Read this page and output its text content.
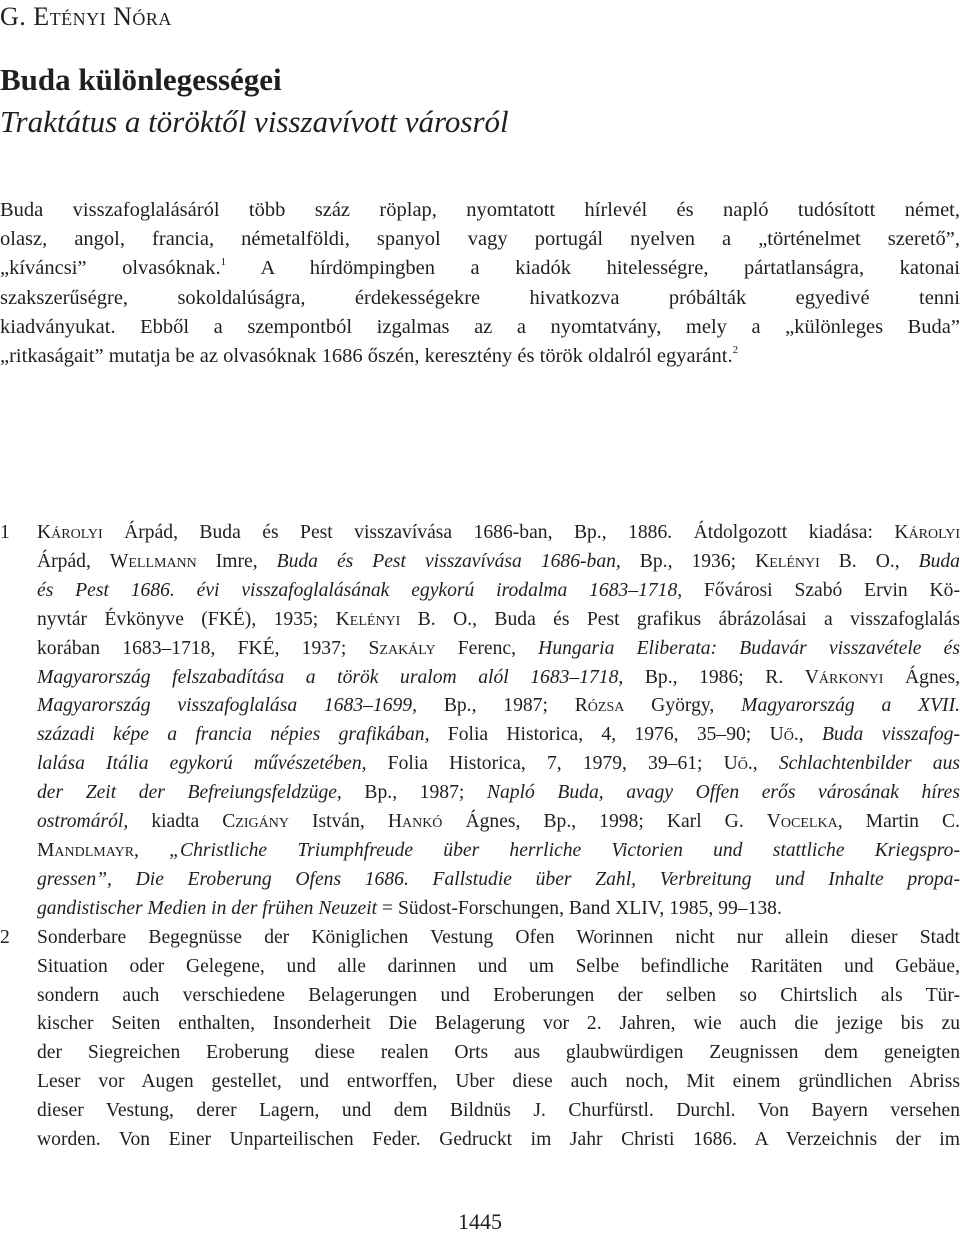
G. Etényi Nóra
Buda különlegességei
Traktátus a töröktől visszavívott városról
Buda visszafoglalásáról több száz röplap, nyomtatott hírlevél és napló tudósított német,
olasz, angol, francia, németalföldi, spanyol vagy portugál nyelven a „történelmet szerető”,
„kíváncsi” olvasóknak.$^1$ A hírdömpingben a kiadók hitelességre, pártatlanságra, katonai
szakszerűségre, sokoldalúságra, érdekességekre hivatkozva próbálták egyedivé tenni
kiadványukat. Ebből a szempontból izgalmas az a nyomtatvány, mely a „különleges Buda”
„ritkaságait” mutatja be az olvasóknak 1686 őszén, keresztény és török oldalról egyaránt.$^2$
1	Károlyi Árpád, Buda és Pest visszavívása 1686-ban, Bp., 1886. Átdolgozott kiadása: Károlyi
Árpád, Wellmann Imre, Buda és Pest visszavívása 1686-ban, Bp., 1936; Kelényi B. O., Buda
és Pest 1686. évi visszafoglalásának egykorú irodalma 1683–1718, Fővárosi Szabó Ervin Kö-
nyvtár Évkönyve (FKÉ), 1935; Kelényi B. O., Buda és Pest grafikus ábrázolásai a visszafoglalás
korában 1683–1718, FKÉ, 1937; Szakály Ferenc, Hungaria Eliberata: Budavár visszavétele és
Magyarország felszabadítása a török uralom alól 1683–1718, Bp., 1986; R. Várkonyi Ágnes,
Magyarország visszafoglalása 1683–1699, Bp., 1987; Rózsa György, Magyarország a XVII.
századi képe a francia népies grafikában, Folia Historica, 4, 1976, 35–90; Uő., Buda visszafog-
lalása Itália egykorú művészetében, Folia Historica, 7, 1979, 39–61; Uő., Schlachtenbilder aus
der Zeit der Befreiungsfeldzüge, Bp., 1987; Napló Buda, avagy Offen erős városának híres
ostromáról, kiadta Czigány István, Hankó Ágnes, Bp., 1998; Karl G. Vocelka, Martin C.
Mandlmayr, „Christliche Triumphfreude über herrliche Victorien und stattliche Kriegspro-
gressen”, Die Eroberung Ofens 1686. Fallstudie über Zahl, Verbreitung und Inhalte propa-
gandistischer Medien in der frühen Neuzeit = Südost-Forschungen, Band XLIV, 1985, 99–138.
2	Sonderbare Begegnüsse der Königlichen Vestung Ofen Worinnen nicht nur allein dieser Stadt
Situation oder Gelegene, und alle darinnen und um Selbe befindliche Raritäten und Gebäue,
sondern auch verschiedene Belagerungen und Eroberungen der selben so Chirtslich als Tür-
kischer Seiten enthalten, Insonderheit Die Belagerung vor 2. Jahren, wie auch die jezige bis zu
der Siegreichen Eroberung diese realen Orts aus glaubwürdigen Zeugnissen dem geneigten
Leser vor Augen gestellet, und entworffen, Uber diese auch noch, Mit einem gründlichen Abriss
dieser Vestung, derer Lagern, und dem Bildnüs J. Churfürstl. Durchl. Von Bayern versehen
worden. Von Einer Unparteilischen Feder. Gedruckt im Jahr Christi 1686. A Verzeichnis der im
1445
